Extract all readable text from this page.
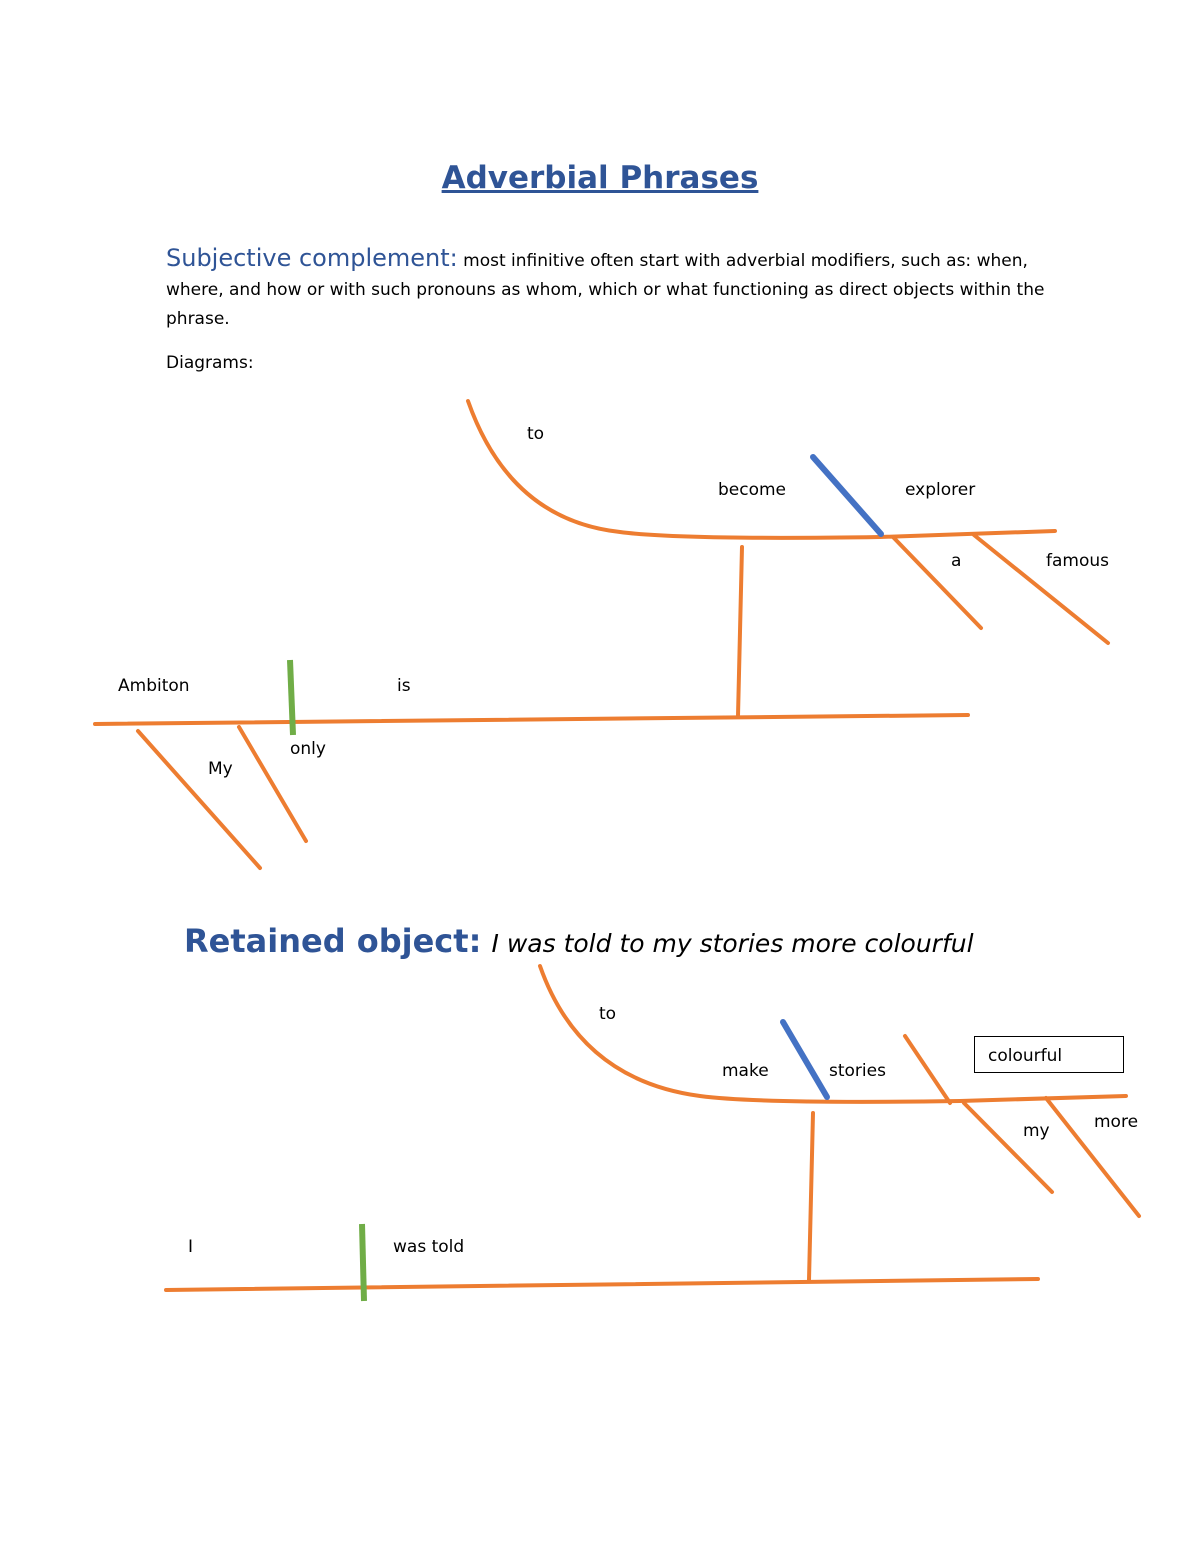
Adverbial Phrases
Subjective complement: most infinitive often start with adverbial modifiers, such as: when, where, and how or with such pronouns as whom, which or what functioning as direct objects within the phrase.
Diagrams:
Ambiton	is
My
only
to
become	explorer
a	famous
Retained object: I was told to my stories more colourful
I	was told
to
make	stories
colourful
my	more
